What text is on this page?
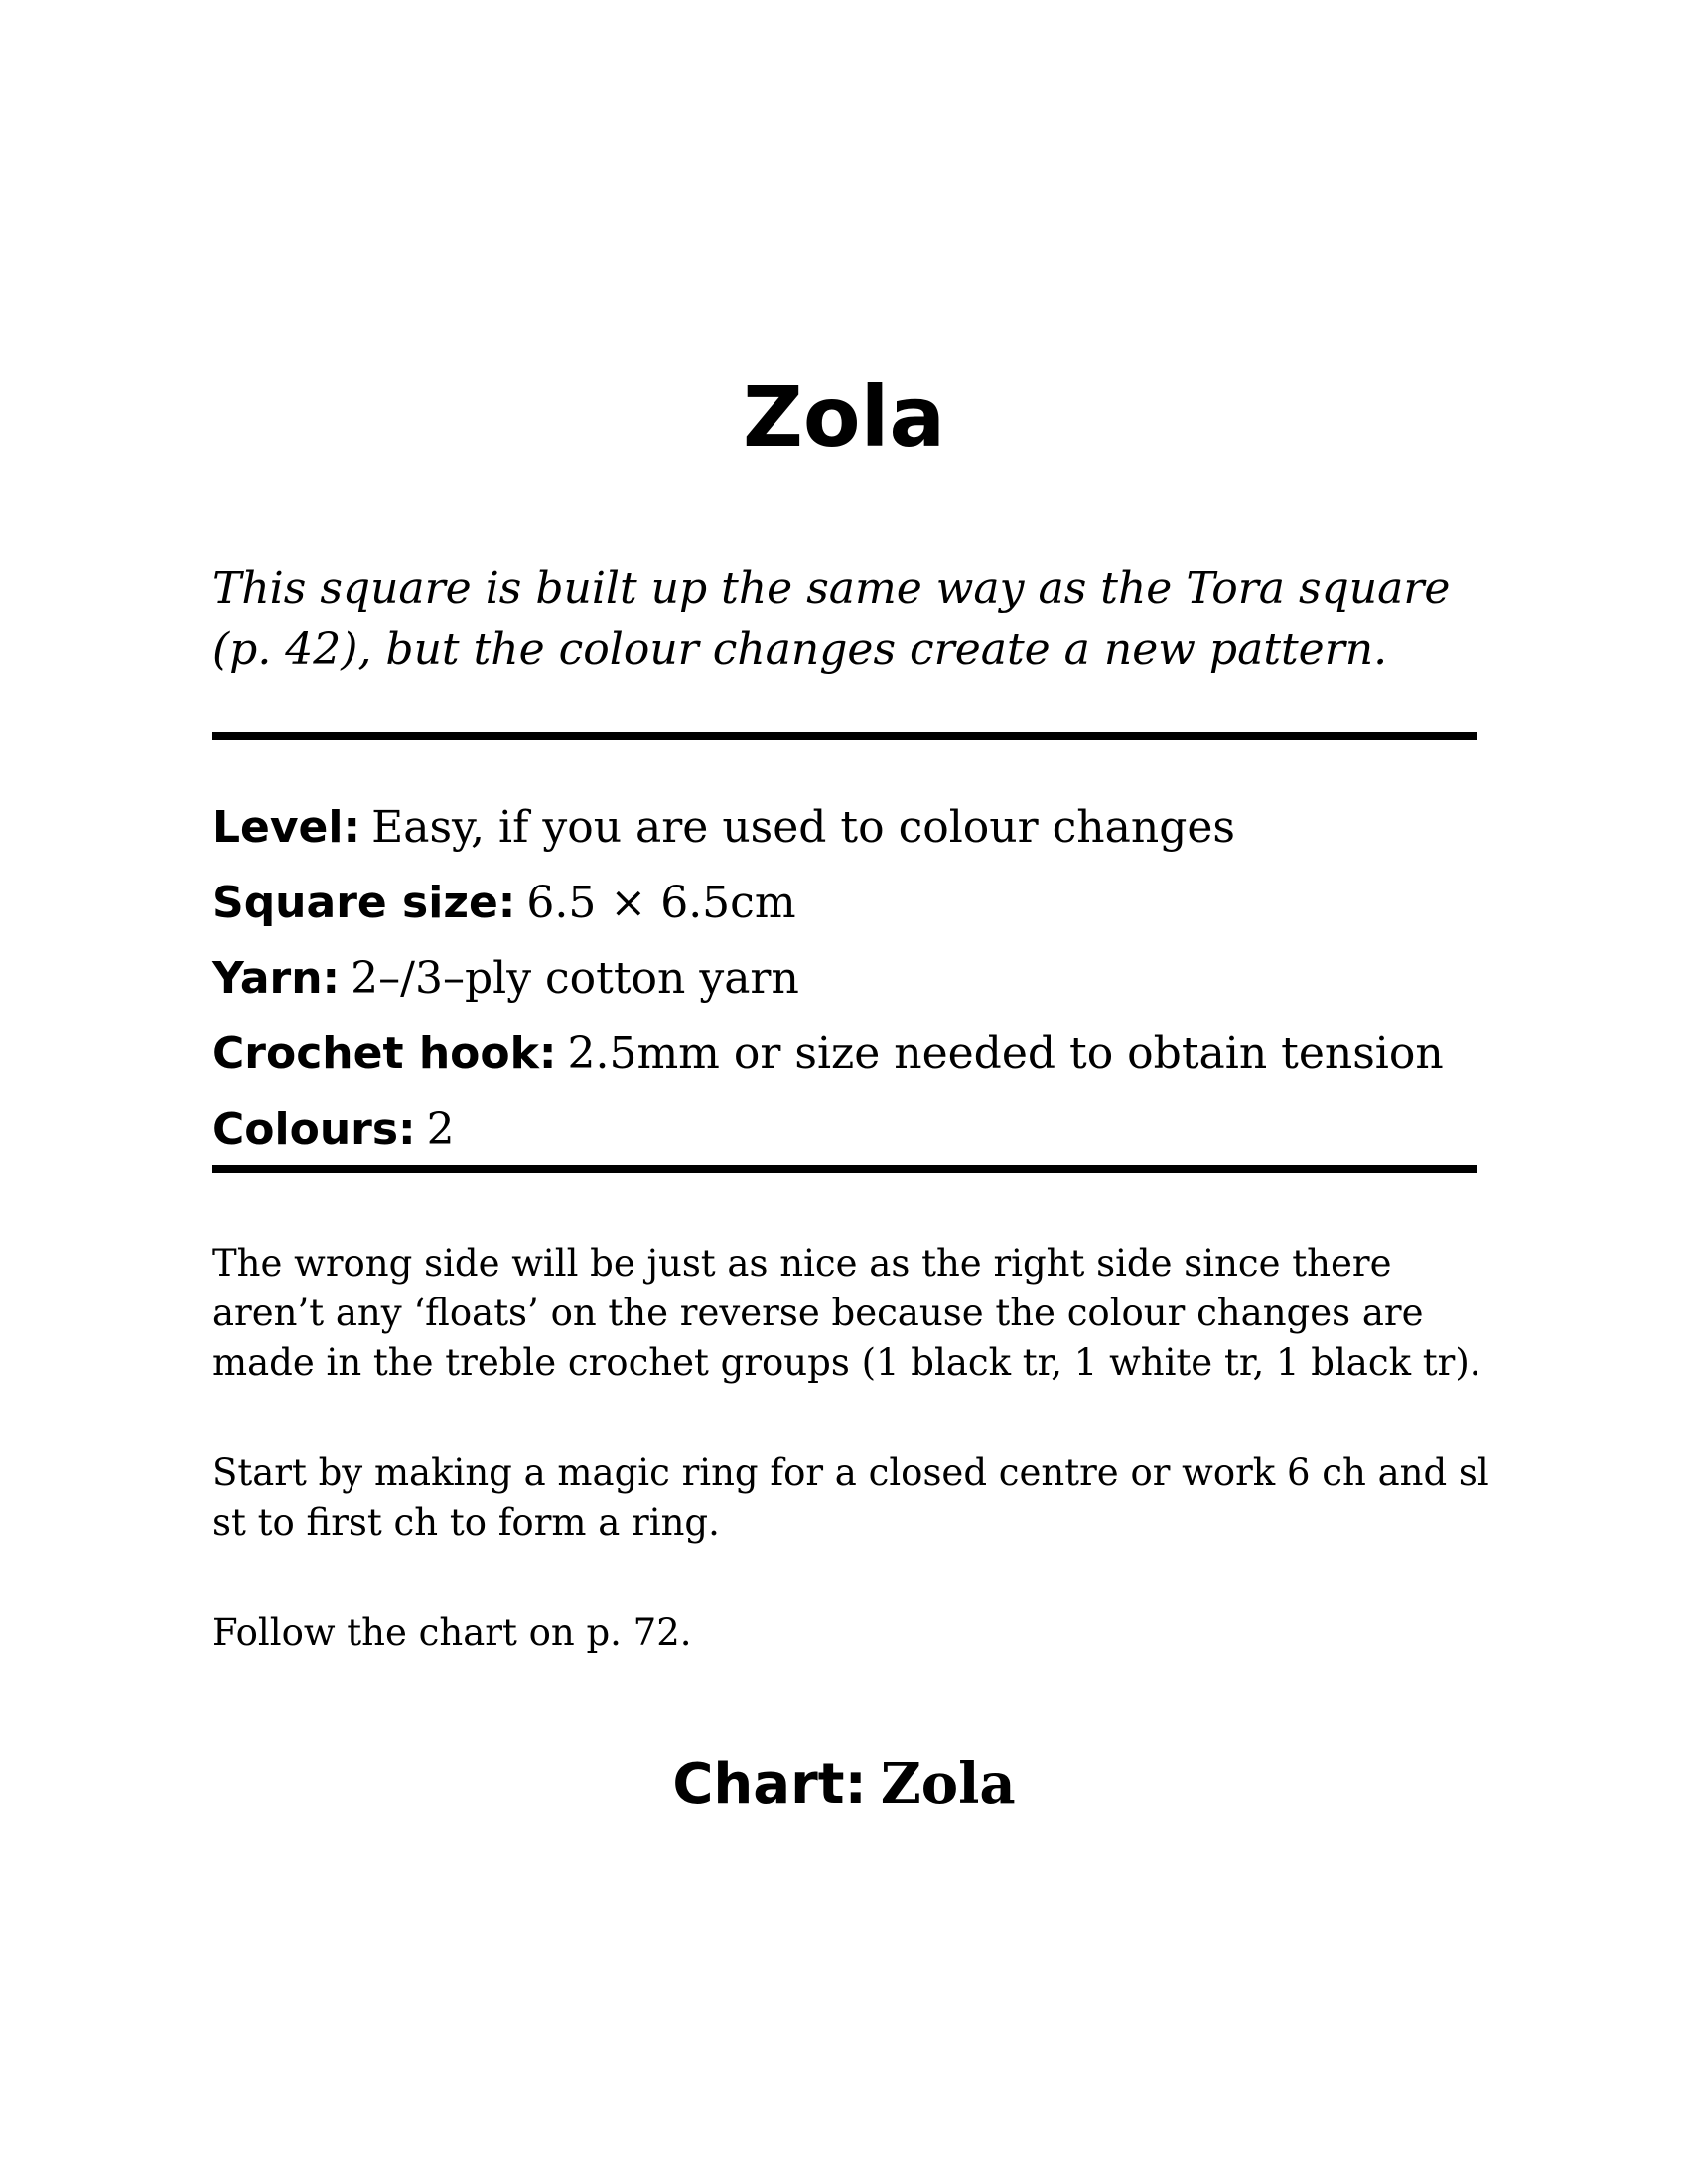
Zola

This square is built up the same way as the Tora square (p. 42), but the colour changes create a new pattern.

Level: Easy, if you are used to colour changes
Square size: 6.5 × 6.5cm
Yarn: 2–/3–ply cotton yarn
Crochet hook: 2.5mm or size needed to obtain tension
Colours: 2

The wrong side will be just as nice as the right side since there aren’t any ‘floats’ on the reverse because the colour changes are made in the treble crochet groups (1 black tr, 1 white tr, 1 black tr).

Start by making a magic ring for a closed centre or work 6 ch and sl st to first ch to form a ring.

Follow the chart on p. 72.

Chart: Zola
